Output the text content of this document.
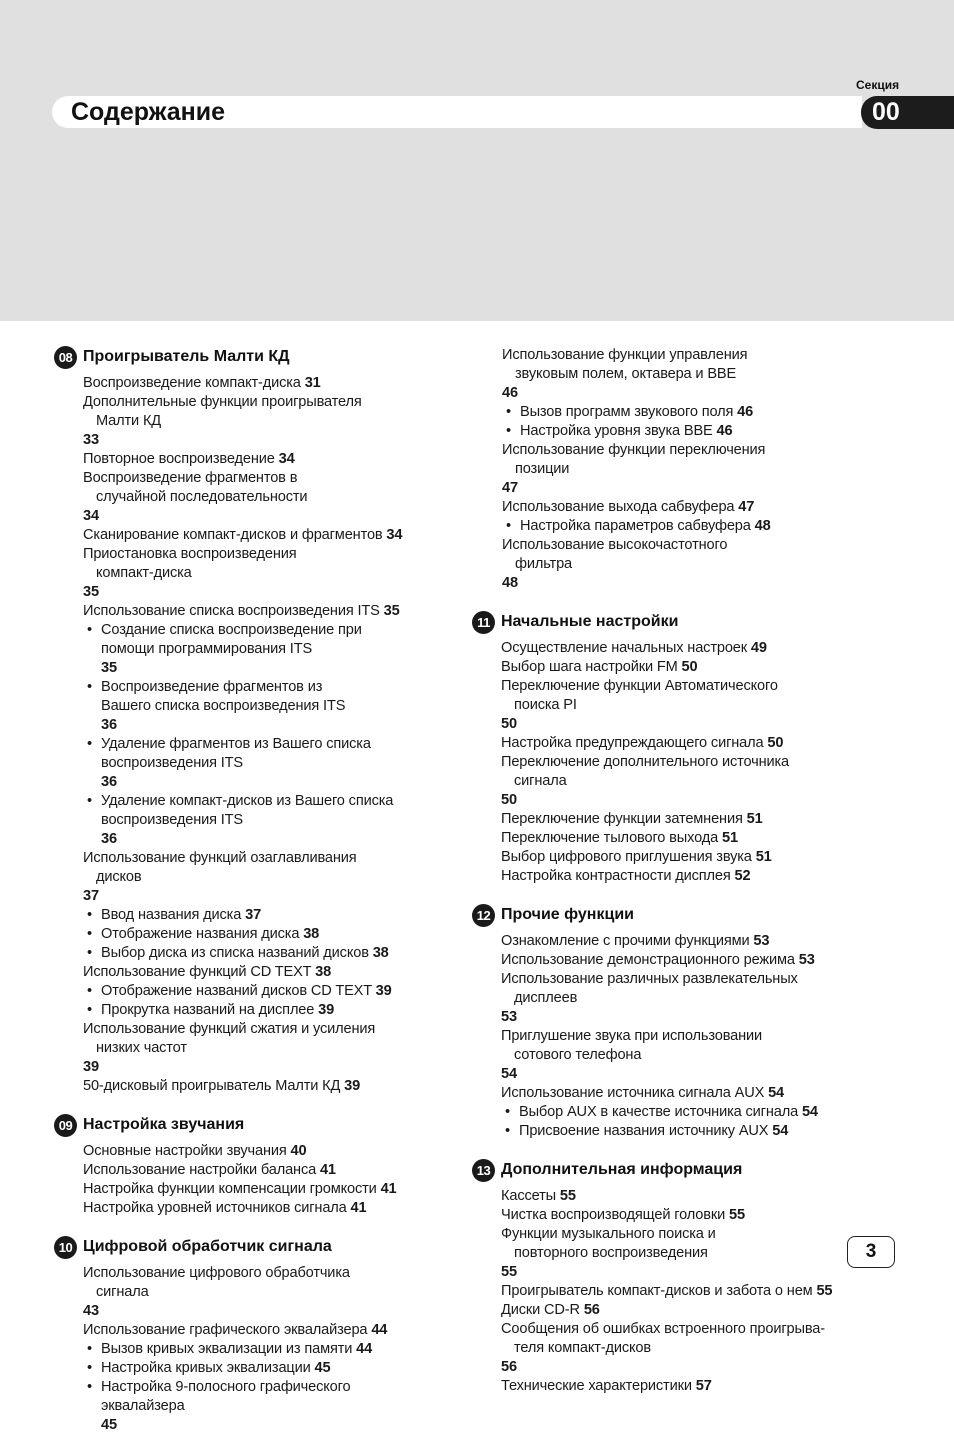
Секция
Содержание	00
08 Проигрыватель Малти КД
Воспроизведение компакт-диска 31
Дополнительные функции проигрывателя
Малти КД
33
Повторное воспроизведение 34
Воспроизведение фрагментов в
случайной последовательности
34
Сканирование компакт-дисков и фрагментов 34
Приостановка воспроизведения
компакт-диска
35
Использование списка воспроизведения ITS 35
• Создание списка воспроизведение при
помощи программирования ITS
35
• Воспроизведение фрагментов из
Вашего списка воспроизведения ITS
36
• Удаление фрагментов из Вашего списка
воспроизведения ITS
36
• Удаление компакт-дисков из Вашего списка
воспроизведения ITS
36
Использование функций озаглавливания
дисков
37
• Ввод названия диска 37
• Отображение названия диска 38
• Выбор диска из списка названий дисков 38
Использование функций CD TEXT 38
• Отображение названий дисков CD TEXT 39
• Прокрутка названий на дисплее 39
Использование функций сжатия и усиления
низких частот
39
50-дисковый проигрыватель Малти КД 39
09 Настройка звучания
Основные настройки звучания 40
Использование настройки баланса 41
Настройка функции компенсации громкости 41
Настройка уровней источников сигнала 41
10 Цифровой обработчик сигнала
Использование цифрового обработчика
сигнала
43
Использование графического эквалайзера 44
• Вызов кривых эквализации из памяти 44
• Настройка кривых эквализации 45
• Настройка 9-полосного графического
эквалайзера
45
Использование функции управления
звуковым полем, октавера и BBE
46
• Вызов программ звукового поля 46
• Настройка уровня звука BBE 46
Использование функции переключения
позиции
47
Использование выхода сабвуфера 47
• Настройка параметров сабвуфера 48
Использование высокочастотного
фильтра
48
11 Начальные настройки
Осуществление начальных настроек 49
Выбор шага настройки FM 50
Переключение функции Автоматического
поиска PI
50
Настройка предупреждающего сигнала 50
Переключение дополнительного источника
сигнала
50
Переключение функции затемнения 51
Переключение тылового выхода 51
Выбор цифрового приглушения звука 51
Настройка контрастности дисплея 52
12 Прочие функции
Ознакомление с прочими функциями 53
Использование демонстрационного режима 53
Использование различных развлекательных
дисплеев
53
Приглушение звука при использовании
сотового телефона
54
Использование источника сигнала AUX 54
• Выбор AUX в качестве источника сигнала 54
• Присвоение названия источнику AUX 54
13 Дополнительная информация
Кассеты 55
Чистка воспроизводящей головки 55
Функции музыкального поиска и
повторного воспроизведения
55
Проигрыватель компакт-дисков и забота о нем 55
Диски CD-R 56
Сообщения об ошибках встроенного проигрыва-
теля компакт-дисков
56
Технические характеристики 57
3
